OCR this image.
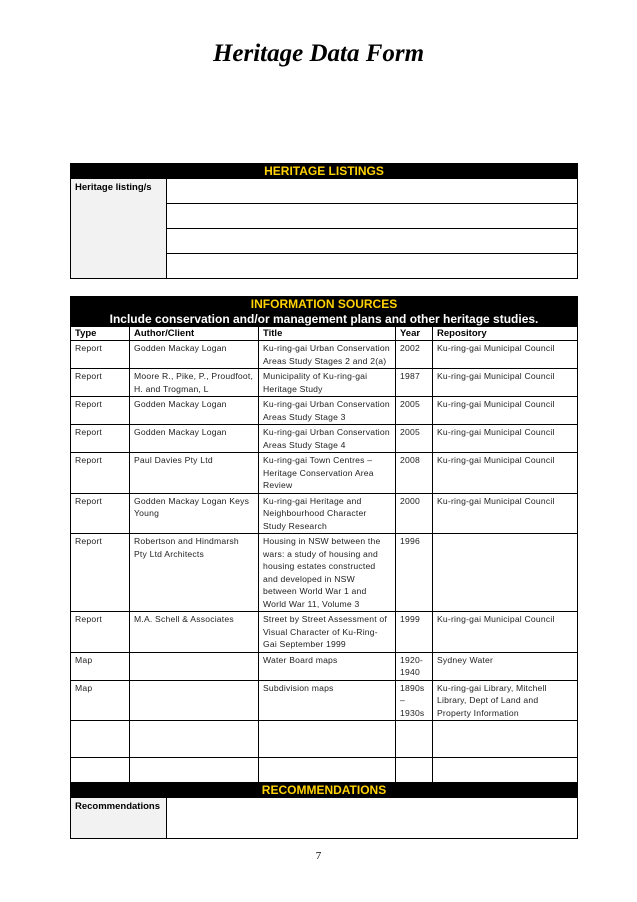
Heritage Data Form
HERITAGE LISTINGS
Heritage listing/s	

INFORMATION SOURCES				
Include conservation and/or management plans and other heritage studies.				
Type	Author/Client	Title	Year	Repository
Report	Godden Mackay Logan	Ku-ring-gai Urban Conservation Areas Study Stages 2 and 2(a)	2002	Ku-ring-gai Municipal Council
Report	Moore R., Pike, P., Proudfoot, H. and Trogman, L	Municipality of Ku-ring-gai Heritage Study	1987	Ku-ring-gai Municipal Council
Report	Godden Mackay Logan	Ku-ring-gai Urban Conservation Areas Study Stage 3	2005	Ku-ring-gai Municipal Council
Report	Godden Mackay Logan	Ku-ring-gai Urban Conservation Areas Study Stage 4	2005	Ku-ring-gai Municipal Council
Report	Paul Davies Pty Ltd	Ku-ring-gai Town Centres – Heritage Conservation Area Review	2008	Ku-ring-gai Municipal Council
Report	Godden Mackay Logan Keys Young	Ku-ring-gai Heritage and Neighbourhood Character Study Research	2000	Ku-ring-gai Municipal Council
Report	Robertson and Hindmarsh Pty Ltd Architects	Housing in NSW between the wars: a study of housing and housing estates constructed and developed in NSW between World War 1 and World War 11, Volume 3	1996	
Report	M.A. Schell & Associates	Street by Street Assessment of Visual Character of Ku-Ring-Gai September 1999	1999	Ku-ring-gai Municipal Council
Map		Water Board maps	1920-1940	Sydney Water
Map		Subdivision maps	1890s – 1930s	Ku-ring-gai Library, Mitchell Library, Dept of Land and Property Information

RECOMMENDATIONS
Recommendations	
7
